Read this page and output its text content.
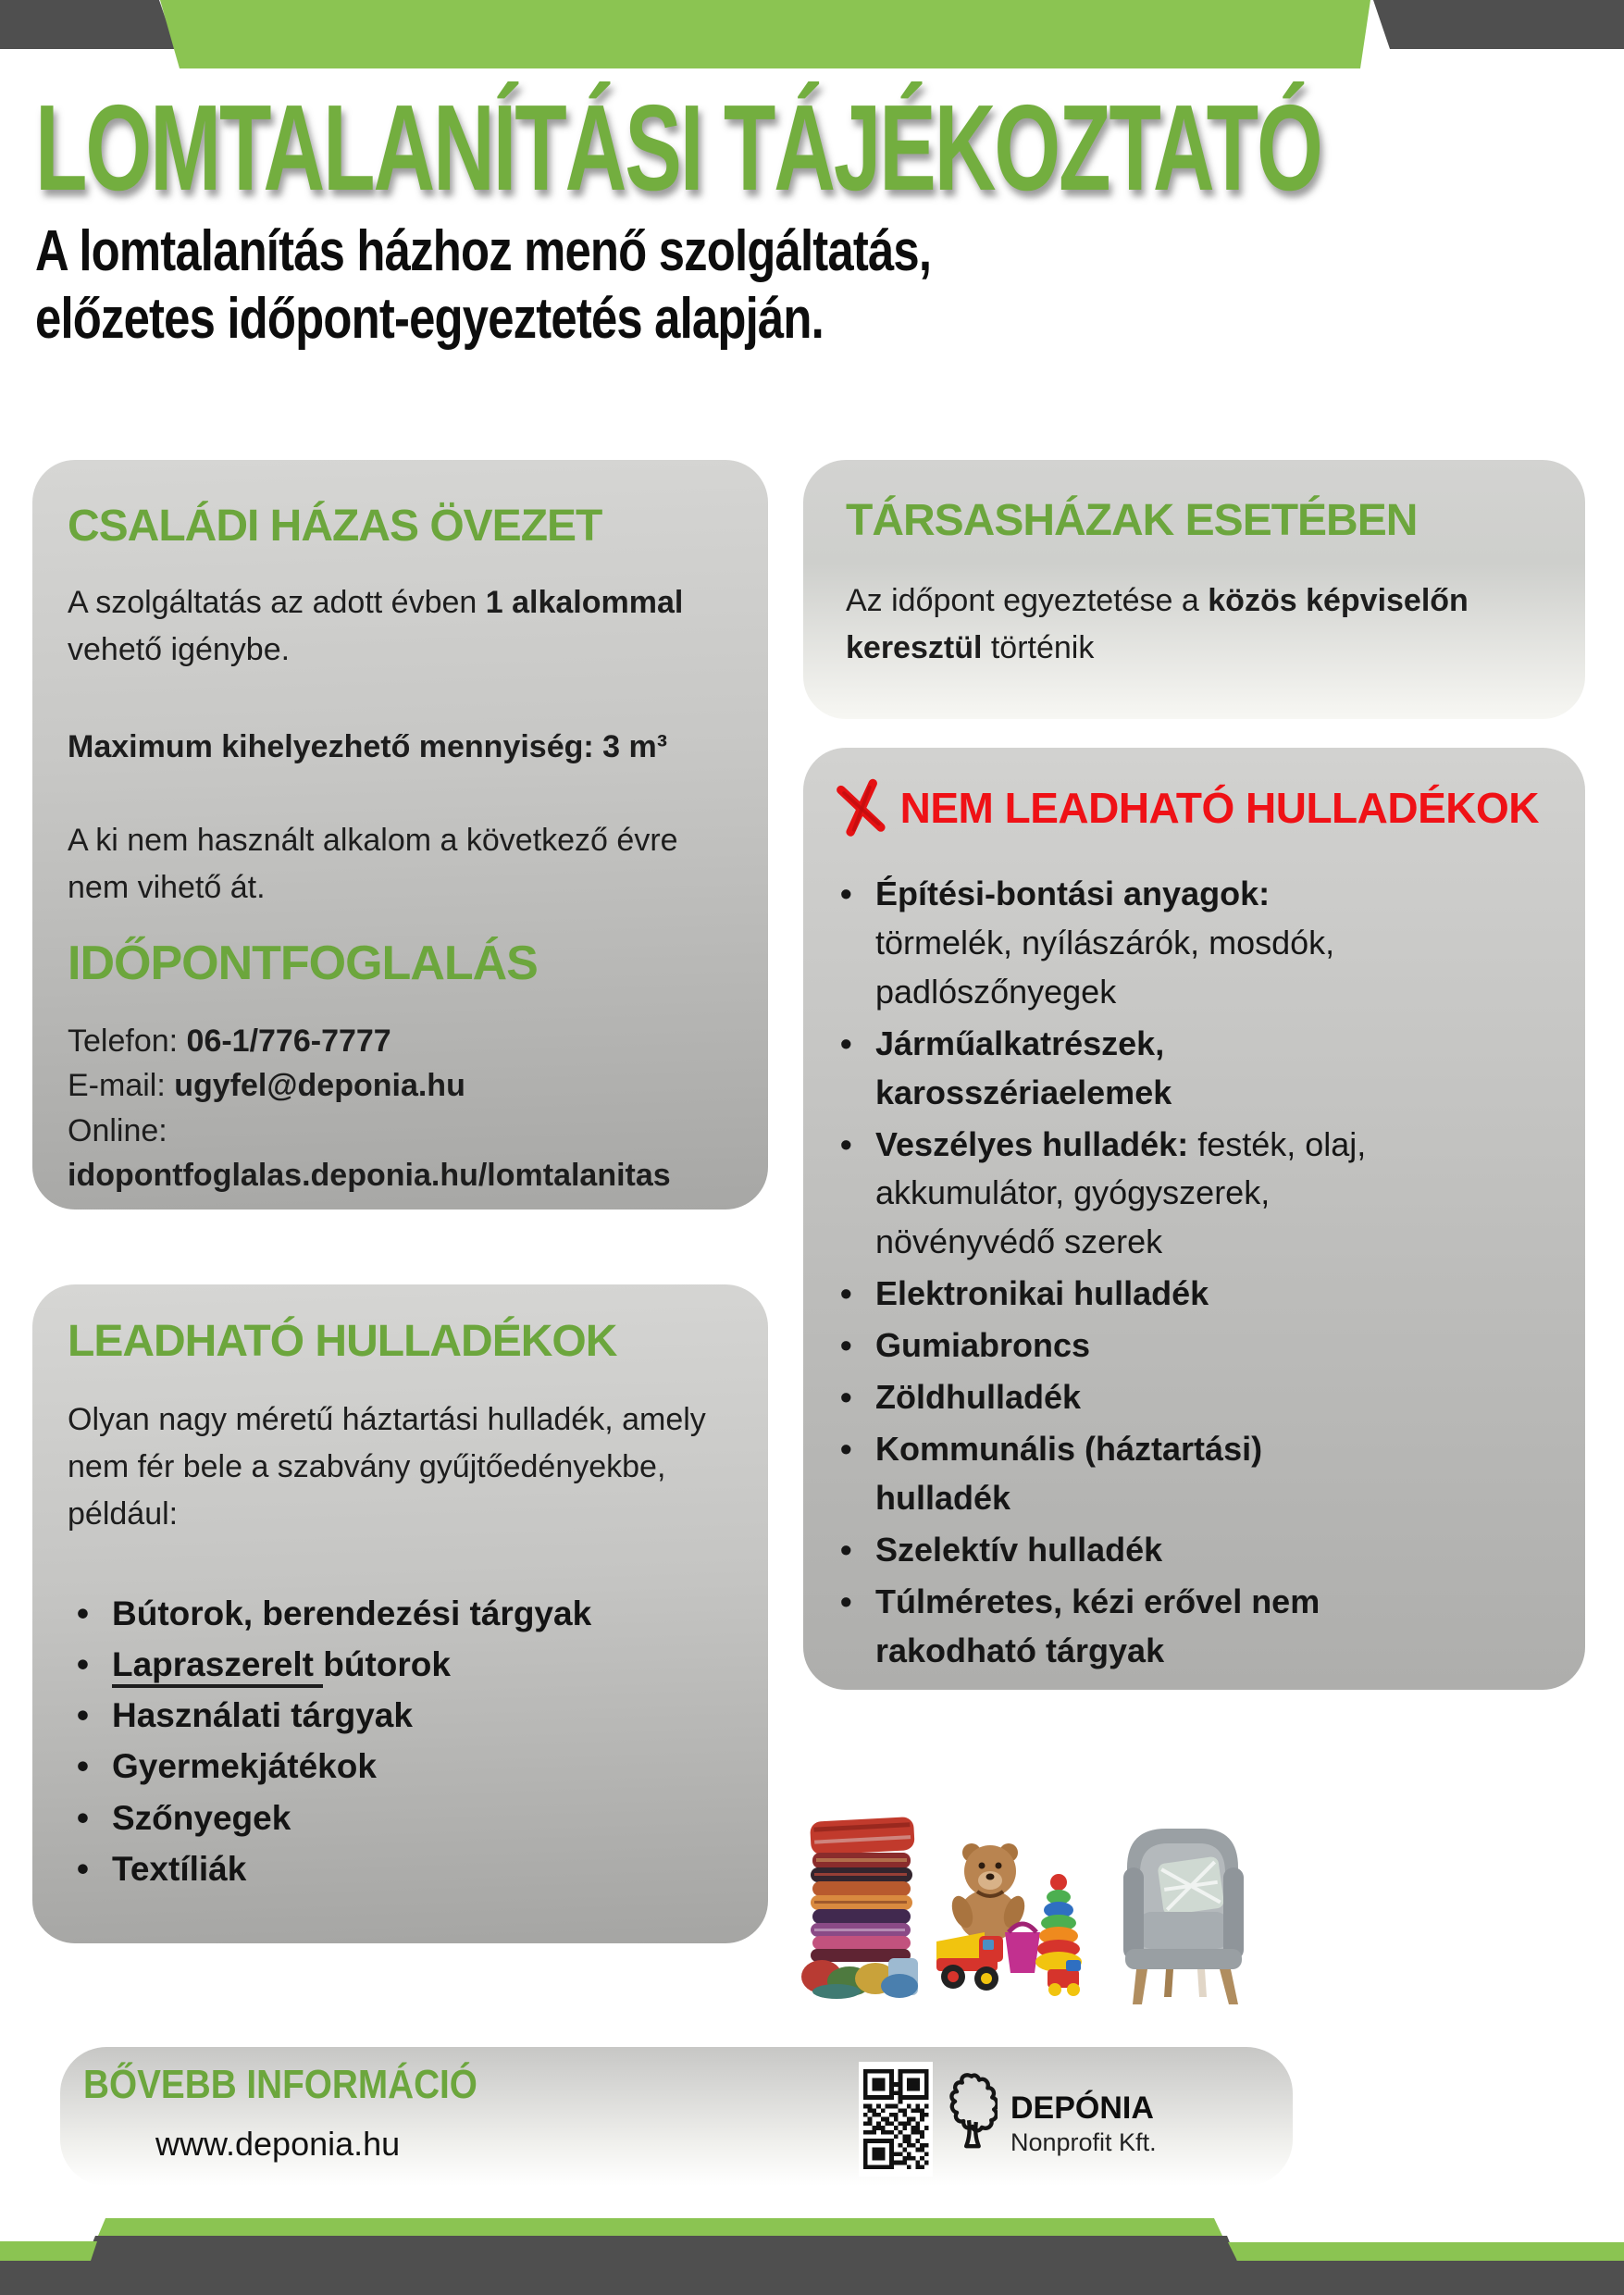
LOMTALANÍTÁSI TÁJÉKOZTATÓ
A lomtalanítás házhoz menő szolgáltatás,
előzetes időpont-egyeztetés alapján.
CSALÁDI HÁZAS ÖVEZET
A szolgáltatás az adott évben 1 alkalommal vehető igénybe.
Maximum kihelyezhető mennyiség: 3 m³
A ki nem használt alkalom a következő évre nem vihető át.
IDŐPONTFOGLALÁS
Telefon: 06-1/776-7777
E-mail: ugyfel@deponia.hu
Online:
idopontfoglalas.deponia.hu/lomtalanitas
TÁRSASHÁZAK ESETÉBEN
Az időpont egyeztetése a közös képviselőn keresztül történik
NEM LEADHATÓ HULLADÉKOK
• Építési-bontási anyagok: törmelék, nyílászárók, mosdók, padlószőnyegek
• Járműalkatrészek, karosszériaelemek
• Veszélyes hulladék: festék, olaj, akkumulátor, gyógyszerek, növényvédő szerek
• Elektronikai hulladék
• Gumiabroncs
• Zöldhulladék
• Kommunális (háztartási) hulladék
• Szelektív hulladék
• Túlméretes, kézi erővel nem rakodható tárgyak
LEADHATÓ HULLADÉKOK
Olyan nagy méretű háztartási hulladék, amely nem fér bele a szabvány gyűjtőedényekbe, például:
• Bútorok, berendezési tárgyak
• Lapraszerelt bútorok
• Használati tárgyak
• Gyermekjátékok
• Szőnyegek
• Textíliák
BŐVEBB INFORMÁCIÓ
www.deponia.hu
DEPÓNIA
Nonprofit Kft.
